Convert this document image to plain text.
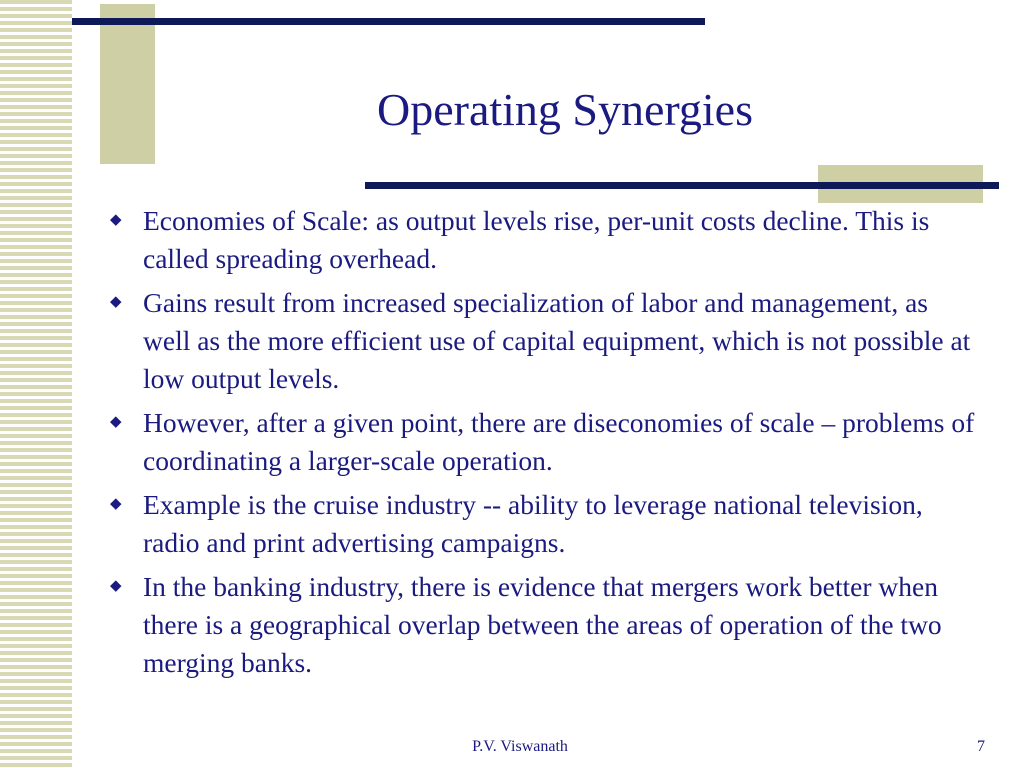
Operating Synergies
◆ Economies of Scale: as output levels rise, per-unit costs decline. This is called spreading overhead.
◆ Gains result from increased specialization of labor and management, as well as the more efficient use of capital equipment, which is not possible at low output levels.
◆ However, after a given point, there are diseconomies of scale – problems of coordinating a larger-scale operation.
◆ Example is the cruise industry -- ability to leverage national television, radio and print advertising campaigns.
◆ In the banking industry, there is evidence that mergers work better when there is a geographical overlap between the areas of operation of the two merging banks.
P.V. Viswanath	7
